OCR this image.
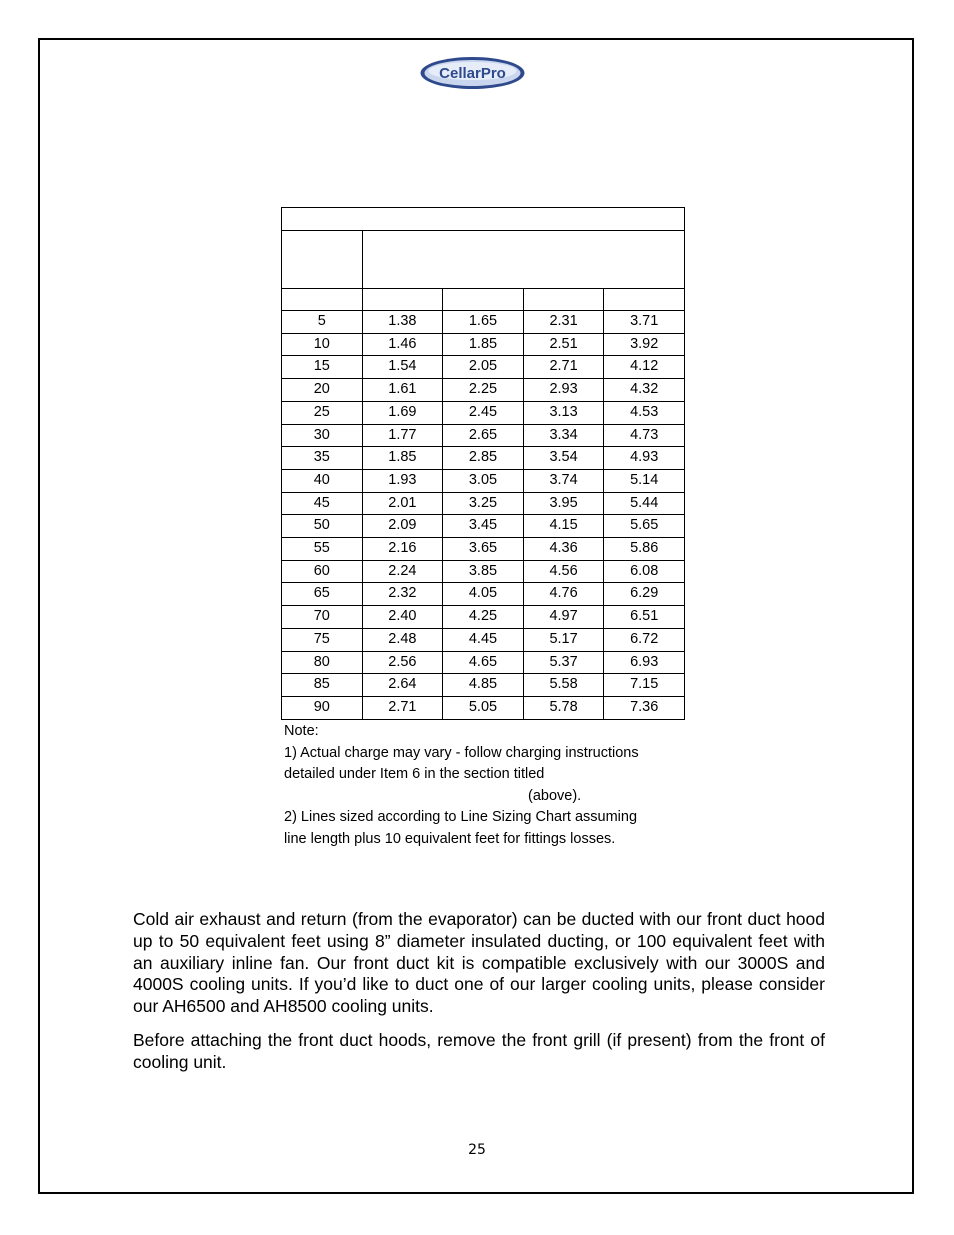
CellarPro

5	1.38	1.65	2.31	3.71
10	1.46	1.85	2.51	3.92
15	1.54	2.05	2.71	4.12
20	1.61	2.25	2.93	4.32
25	1.69	2.45	3.13	4.53
30	1.77	2.65	3.34	4.73
35	1.85	2.85	3.54	4.93
40	1.93	3.05	3.74	5.14
45	2.01	3.25	3.95	5.44
50	2.09	3.45	4.15	5.65
55	2.16	3.65	4.36	5.86
60	2.24	3.85	4.56	6.08
65	2.32	4.05	4.76	6.29
70	2.40	4.25	4.97	6.51
75	2.48	4.45	5.17	6.72
80	2.56	4.65	5.37	6.93
85	2.64	4.85	5.58	7.15
90	2.71	5.05	5.78	7.36
Note:
1) Actual charge may vary - follow charging instructions
detailed under Item 6 in the section titled
(above).
2) Lines sized according to Line Sizing Chart assuming
line length plus 10 equivalent feet for fittings losses.

Cold air exhaust and return (from the evaporator) can be ducted with our front duct hood up to 50 equivalent feet using 8” diameter insulated ducting, or 100 equivalent feet with an auxiliary inline fan. Our front duct kit is compatible exclusively with our 3000S and 4000S cooling units. If you’d like to duct one of our larger cooling units, please consider our AH6500 and AH8500 cooling units.

Before attaching the front duct hoods, remove the front grill (if present) from the front of cooling unit.

25
